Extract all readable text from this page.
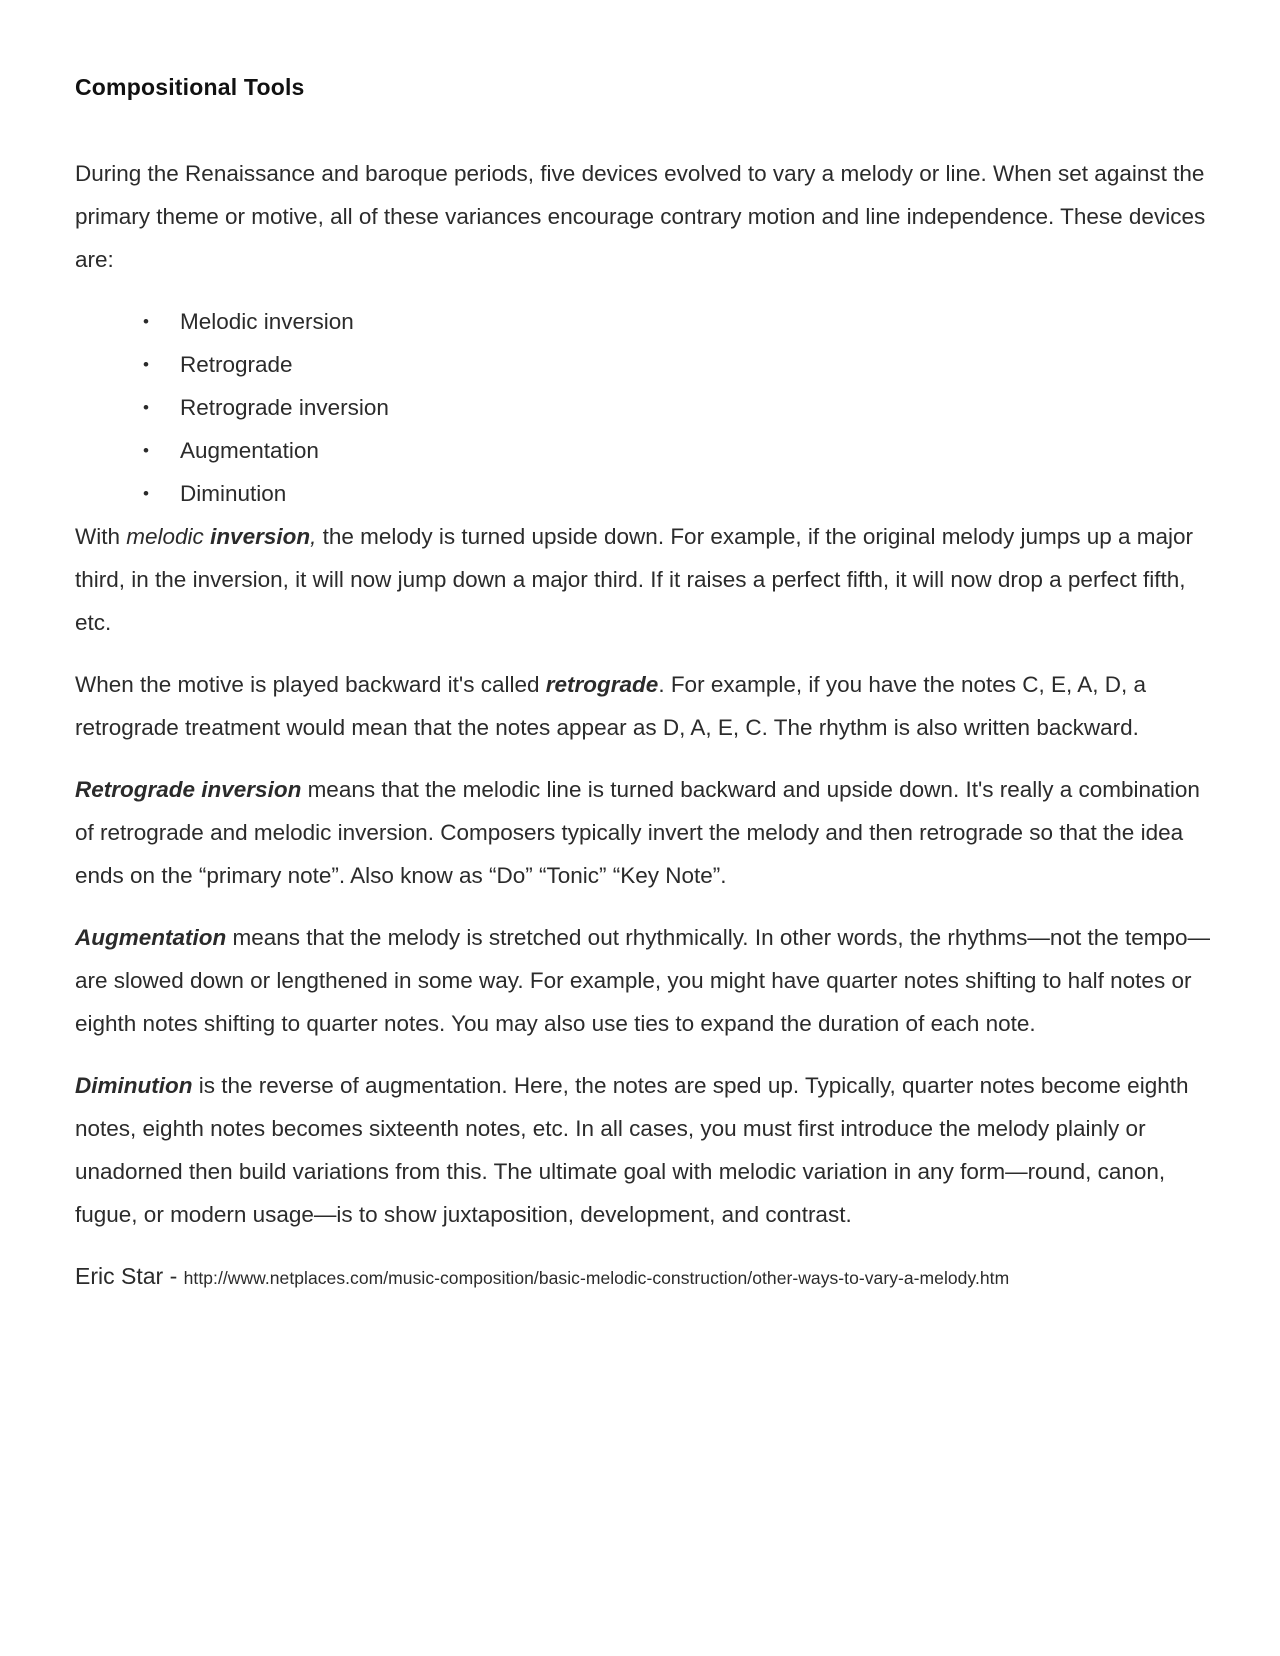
Compositional Tools

During the Renaissance and baroque periods, five devices evolved to vary a melody or line. When set against the primary theme or motive, all of these variances encourage contrary motion and line independence. These devices are:

• Melodic inversion
• Retrograde
• Retrograde inversion
• Augmentation
• Diminution

With melodic inversion, the melody is turned upside down. For example, if the original melody jumps up a major third, in the inversion, it will now jump down a major third. If it raises a perfect fifth, it will now drop a perfect fifth, etc.

When the motive is played backward it's called retrograde. For example, if you have the notes C, E, A, D, a retrograde treatment would mean that the notes appear as D, A, E, C. The rhythm is also written backward.

Retrograde inversion means that the melodic line is turned backward and upside down. It's really a combination of retrograde and melodic inversion. Composers typically invert the melody and then retrograde so that the idea ends on the “primary note”. Also know as “Do” “Tonic” “Key Note”.

Augmentation means that the melody is stretched out rhythmically. In other words, the rhythms—not the tempo—are slowed down or lengthened in some way. For example, you might have quarter notes shifting to half notes or eighth notes shifting to quarter notes. You may also use ties to expand the duration of each note.

Diminution is the reverse of augmentation. Here, the notes are sped up. Typically, quarter notes become eighth notes, eighth notes becomes sixteenth notes, etc. In all cases, you must first introduce the melody plainly or unadorned then build variations from this. The ultimate goal with melodic variation in any form—round, canon, fugue, or modern usage—is to show juxtaposition, development, and contrast.

Eric Star - http://www.netplaces.com/music-composition/basic-melodic-construction/other-ways-to-vary-a-melody.htm
